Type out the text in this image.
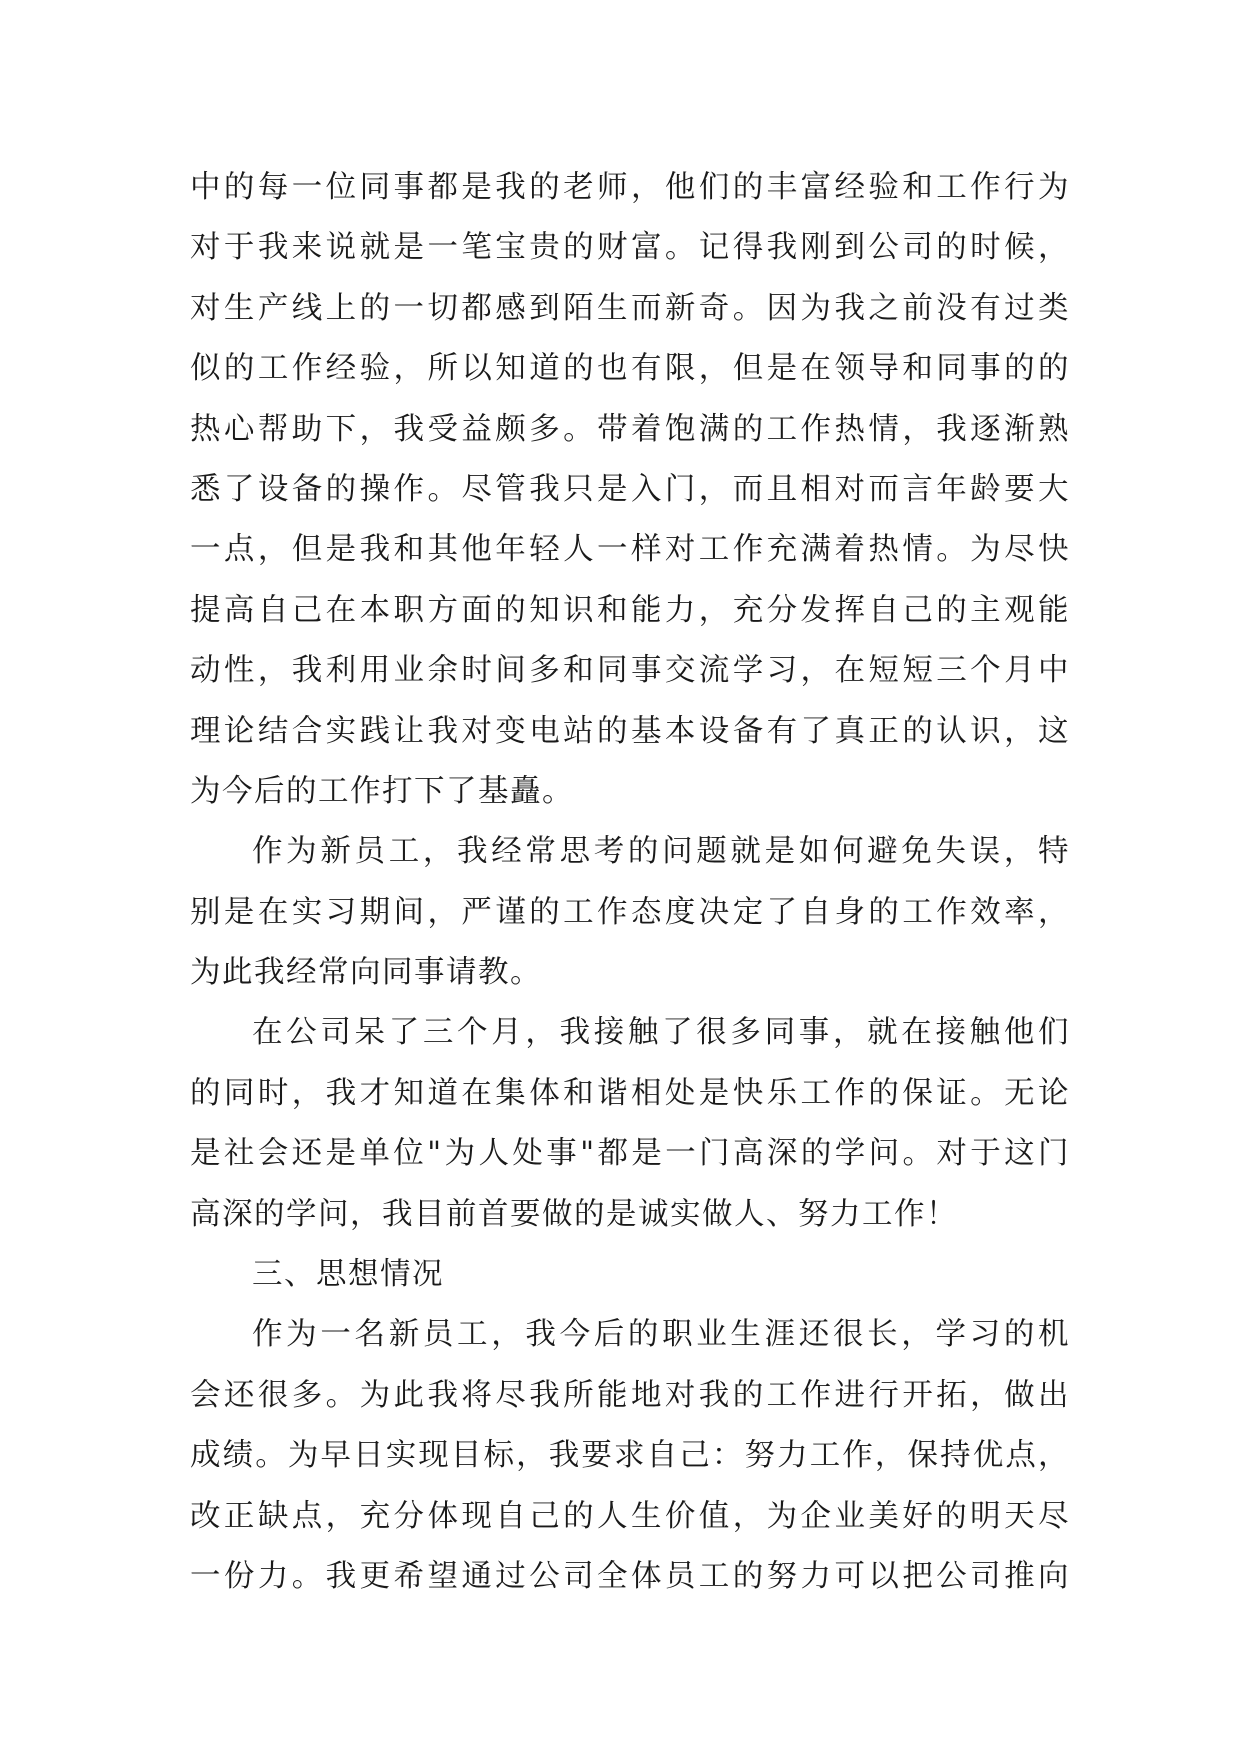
中的每一位同事都是我的老师，他们的丰富经验和工作行为
对于我来说就是一笔宝贵的财富。记得我刚到公司的时候，
对生产线上的一切都感到陌生而新奇。因为我之前没有过类
似的工作经验，所以知道的也有限，但是在领导和同事的的
热心帮助下，我受益颇多。带着饱满的工作热情，我逐渐熟
悉了设备的操作。尽管我只是入门，而且相对而言年龄要大
一点，但是我和其他年轻人一样对工作充满着热情。为尽快
提高自己在本职方面的知识和能力，充分发挥自己的主观能
动性，我利用业余时间多和同事交流学习，在短短三个月中
理论结合实践让我对变电站的基本设备有了真正的认识，这
为今后的工作打下了基矗。
作为新员工，我经常思考的问题就是如何避免失误，特
别是在实习期间，严谨的工作态度决定了自身的工作效率，
为此我经常向同事请教。
在公司呆了三个月，我接触了很多同事，就在接触他们
的同时，我才知道在集体和谐相处是快乐工作的保证。无论
是社会还是单位"为人处事"都是一门高深的学问。对于这门
高深的学问，我目前首要做的是诚实做人、努力工作！
三、思想情况
作为一名新员工，我今后的职业生涯还很长，学习的机
会还很多。为此我将尽我所能地对我的工作进行开拓，做出
成绩。为早日实现目标，我要求自己：努力工作，保持优点，
改正缺点，充分体现自己的人生价值，为企业美好的明天尽
一份力。我更希望通过公司全体员工的努力可以把公司推向
